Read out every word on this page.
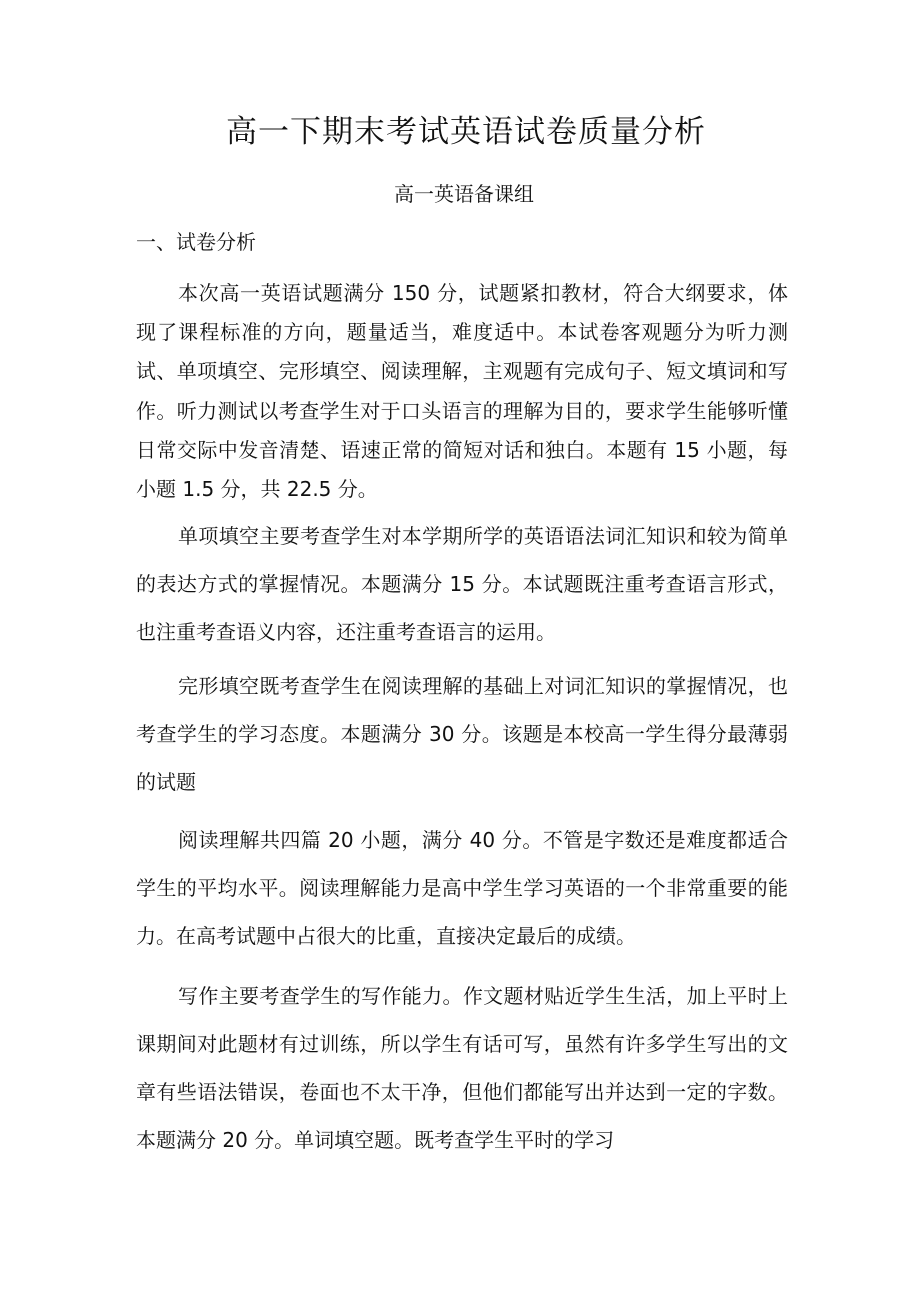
高一下期末考试英语试卷质量分析
高一英语备课组
一、试卷分析

本次高一英语试题满分 150 分，试题紧扣教材，符合大纲要求，体现了课程标准的方向，题量适当，难度适中。本试卷客观题分为听力测试、单项填空、完形填空、阅读理解，主观题有完成句子、短文填词和写作。听力测试以考查学生对于口头语言的理解为目的，要求学生能够听懂日常交际中发音清楚、语速正常的简短对话和独白。本题有 15 小题，每小题 1.5 分，共 22.5 分。

单项填空主要考查学生对本学期所学的英语语法词汇知识和较为简单的表达方式的掌握情况。本题满分 15 分。本试题既注重考查语言形式，也注重考查语义内容，还注重考查语言的运用。

完形填空既考查学生在阅读理解的基础上对词汇知识的掌握情况，也考查学生的学习态度。本题满分 30 分。该题是本校高一学生得分最薄弱的试题

阅读理解共四篇 20 小题，满分 40 分。不管是字数还是难度都适合学生的平均水平。阅读理解能力是高中学生学习英语的一个非常重要的能力。在高考试题中占很大的比重，直接决定最后的成绩。

写作主要考查学生的写作能力。作文题材贴近学生生活，加上平时上课期间对此题材有过训练，所以学生有话可写，虽然有许多学生写出的文章有些语法错误，卷面也不太干净，但他们都能写出并达到一定的字数。本题满分 20 分。单词填空题。既考查学生平时的学习
